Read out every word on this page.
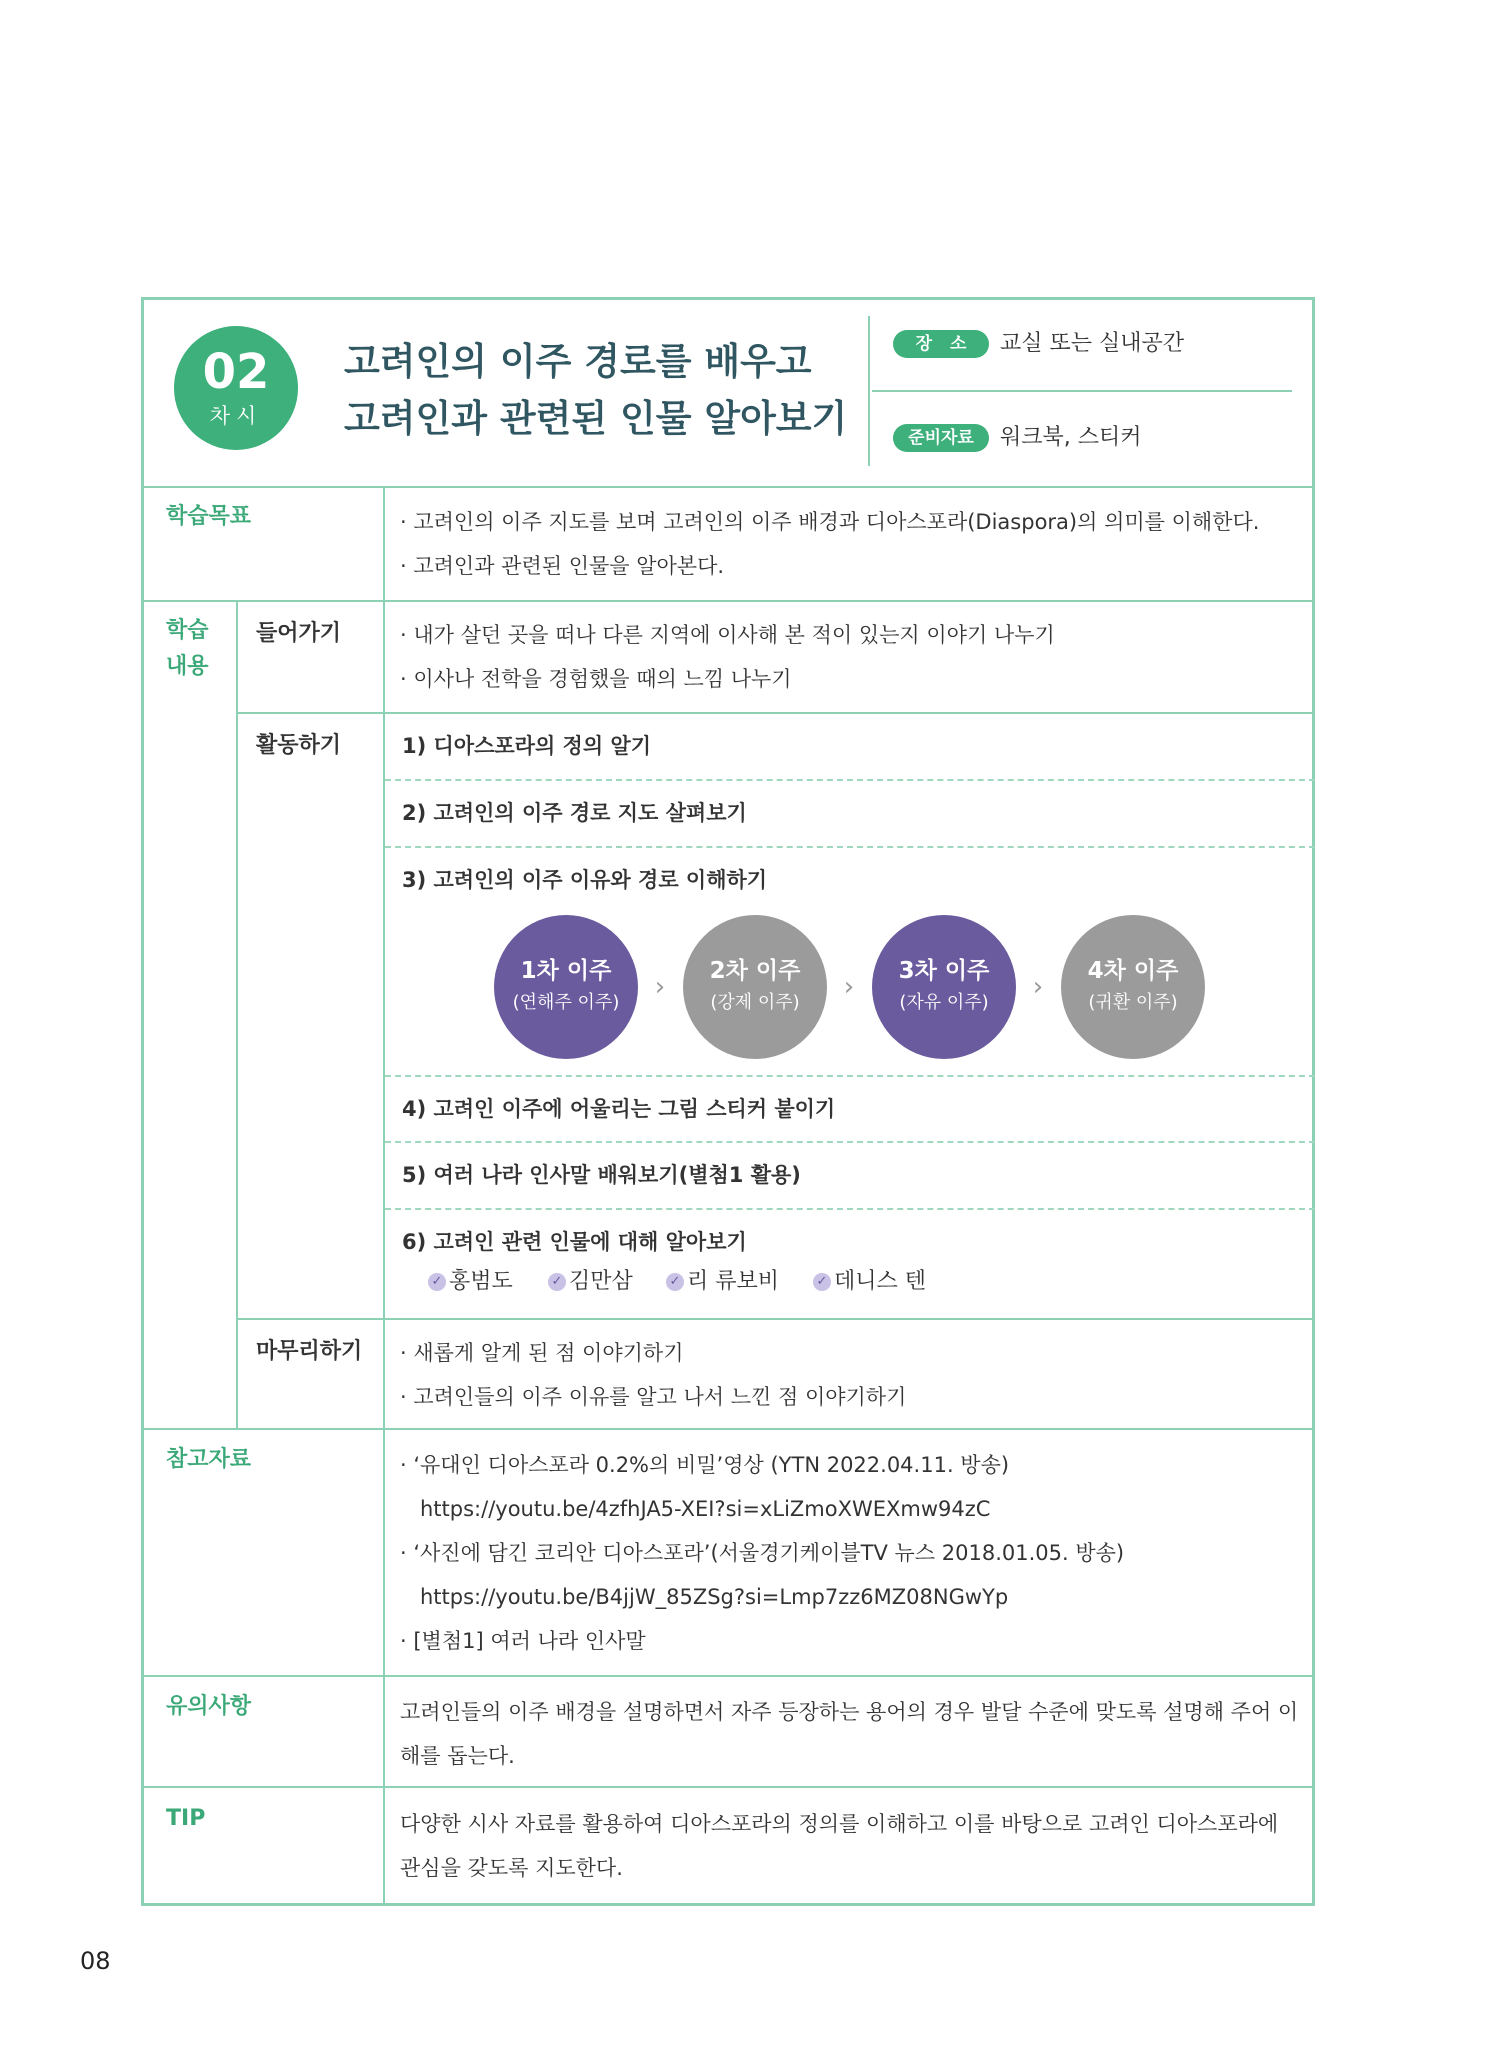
02
차시
고려인의 이주 경로를 배우고
고려인과 관련된 인물 알아보기
장소 교실 또는 실내공간
준비자료	워크북, 스티커
학습목표	· 고려인의 이주 지도를 보며 고려인의 이주 배경과 디아스포라(Diaspora)의 의미를 이해한다.
· 고려인과 관련된 인물을 알아본다.
학습
내용
들어가기	· 내가 살던 곳을 떠나 다른 지역에 이사해 본 적이 있는지 이야기 나누기
· 이사나 전학을 경험했을 때의 느낌 나누기
활동하기	1) 디아스포라의 정의 알기
2) 고려인의 이주 경로 지도 살펴보기
3) 고려인의 이주 이유와 경로 이해하기
1차 이주
(연해주 이주)
›
2차 이주
(강제 이주)
›
3차 이주
(자유 이주)
›
4차 이주
(귀환 이주)
4) 고려인 이주에 어울리는 그림 스티커 붙이기
5) 여러 나라 인사말 배워보기(별첨1 활용)
6) 고려인 관련 인물에 대해 알아보기
✓ 홍범도	✓ 김만삼	✓ 리 류보비	✓ 데니스 텐
마무리하기 · 새롭게 알게 된 점 이야기하기
· 고려인들의 이주 이유를 알고 나서 느낀 점 이야기하기
참고자료	· ‘유대인 디아스포라 0.2%의 비밀’영상 (YTN 2022.04.11. 방송)
https://youtu.be/4zfhJA5-XEI?si=xLiZmoXWEXmw94zC
· ‘사진에 담긴 코리안 디아스포라’(서울경기케이블TV 뉴스 2018.01.05. 방송)
https://youtu.be/B4jjW_85ZSg?si=Lmp7zz6MZ08NGwYp
· [별첨1] 여러 나라 인사말
유의사항	고려인들의 이주 배경을 설명하면서 자주 등장하는 용어의 경우 발달 수준에 맞도록 설명해 주어 이해를 돕는다.
TIP	다양한 시사 자료를 활용하여 디아스포라의 정의를 이해하고 이를 바탕으로 고려인 디아스포라에 관심을 갖도록 지도한다.
08
